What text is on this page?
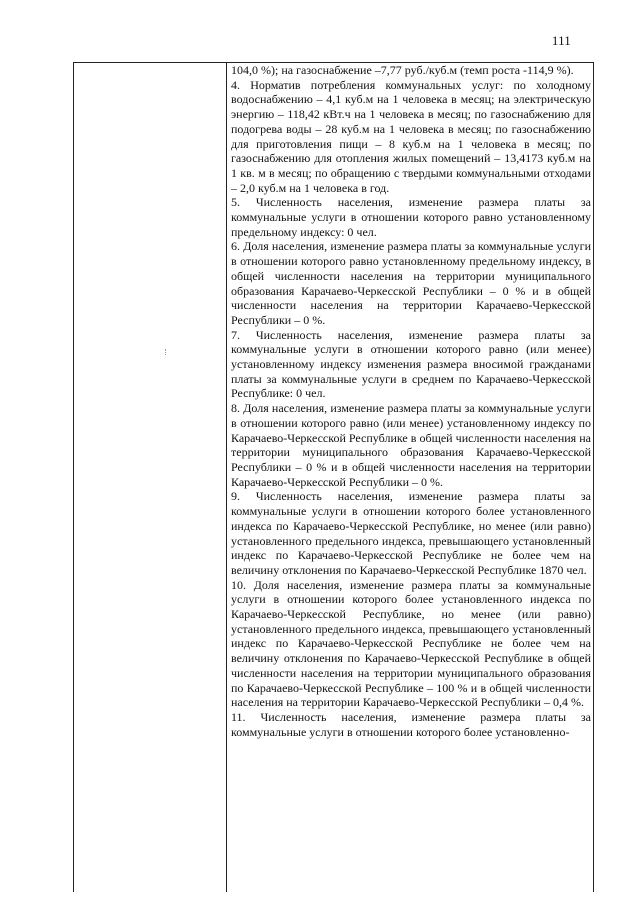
111

104,0 %); на газоснабжение –7,77 руб./куб.м (темп роста -114,9 %).

4. Норматив потребления коммунальных услуг: по холодному водоснабжению – 4,1 куб.м на 1 человека в месяц; на электрическую энергию – 118,42 кВт.ч на 1 человека в месяц; по газоснабжению для подогрева воды – 28 куб.м на 1 человека в месяц; по газоснабжению для приготовления пищи – 8 куб.м на 1 человека в месяц; по газоснабжению для отопления жилых помещений – 13,4173 куб.м на 1 кв. м в месяц; по обращению с твердыми коммунальными отходами – 2,0 куб.м на 1 человека в год.

5. Численность населения, изменение размера платы за коммунальные услуги в отношении которого равно установленному предельному индексу: 0 чел.

6. Доля населения, изменение размера платы за коммунальные услуги в отношении которого равно установленному предельному индексу, в общей численности населения на территории муниципального образования Карачаево-Черкесской Республики – 0 % и в общей численности населения на территории Карачаево-Черкесской Республики – 0 %.

7. Численность населения, изменение размера платы за коммунальные услуги в отношении которого равно (или менее) установленному индексу изменения размера вносимой гражданами платы за коммунальные услуги в среднем по Карачаево-Черкесской Республике: 0 чел.

8. Доля населения, изменение размера платы за коммунальные услуги в отношении которого равно (или менее) установленному индексу по Карачаево-Черкесской Республике в общей численности населения на территории муниципального образования Карачаево-Черкесской Республики – 0 % и в общей численности населения на территории Карачаево-Черкесской Республики – 0 %.

9. Численность населения, изменение размера платы за коммунальные услуги в отношении которого более установленного индекса по Карачаево-Черкесской Республике, но менее (или равно) установленного предельного индекса, превышающего установленный индекс по Карачаево-Черкесской Республике не более чем на величину отклонения по Карачаево-Черкесской Республике 1870 чел.

10. Доля населения, изменение размера платы за коммунальные услуги в отношении которого более установленного индекса по Карачаево-Черкесской Республике, но менее (или равно) установленного предельного индекса, превышающего установленный индекс по Карачаево-Черкесской Республике не более чем на величину отклонения по Карачаево-Черкесской Республике в общей численности населения на территории муниципального образования по Карачаево-Черкесской Республике – 100 % и в общей численности населения на территории Карачаево-Черкесской Республики – 0,4 %.

11. Численность населения, изменение размера платы за коммунальные услуги в отношении которого более установленно-
